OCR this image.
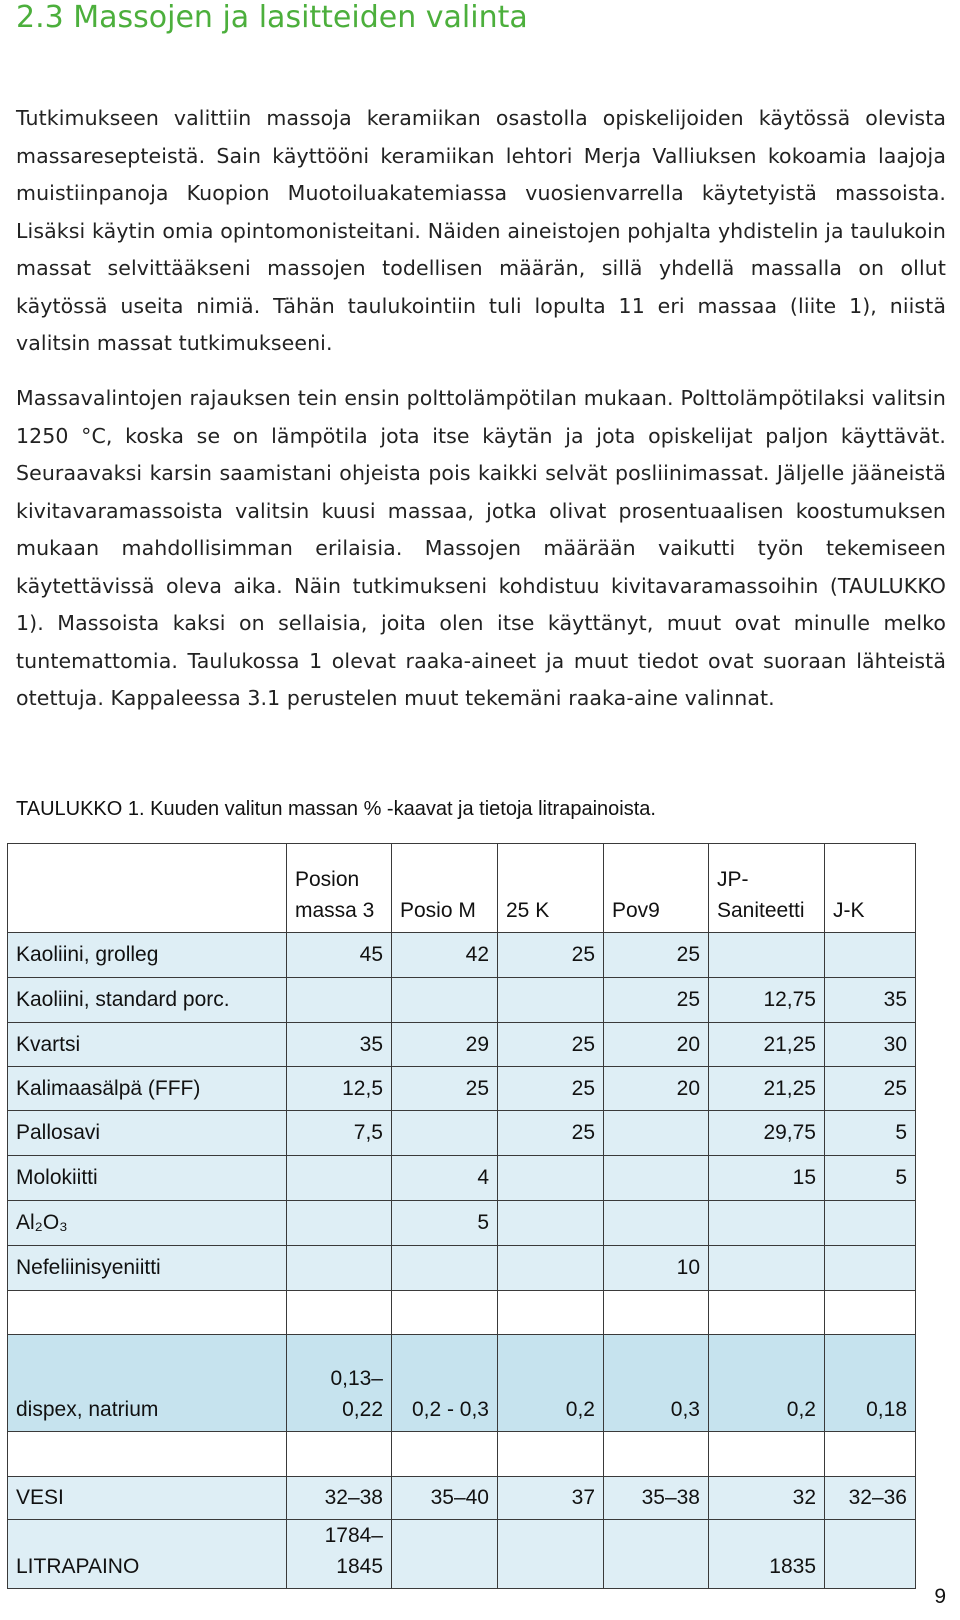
2.3 Massojen ja lasitteiden valinta

Tutkimukseen valittiin massoja keramiikan osastolla opiskelijoiden käytössä olevista massaresepteistä. Sain käyttööni keramiikan lehtori Merja Valliuksen kokoamia laajoja muistiinpanoja Kuopion Muotoiluakatemiassa vuosienvarrella käytetyistä massoista. Lisäksi käytin omia opintomonisteitani. Näiden aineistojen pohjalta yhdistelin ja taulukoin massat selvittääkseni massojen todellisen määrän, sillä yhdellä massalla on ollut käytössä useita nimiä. Tähän taulukointiin tuli lopulta 11 eri massaa (liite 1), niistä valitsin massat tutkimukseeni.

Massavalintojen rajauksen tein ensin polttolämpötilan mukaan. Polttolämpötilaksi valitsin 1250 °C, koska se on lämpötila jota itse käytän ja jota opiskelijat paljon käyttävät. Seuraavaksi karsin saamistani ohjeista pois kaikki selvät posliinimassat. Jäljelle jääneistä kivitavaramassoista valitsin kuusi massaa, jotka olivat prosentuaalisen koostumuksen mukaan mahdollisimman erilaisia. Massojen määrään vaikutti työn tekemiseen käytettävissä oleva aika. Näin tutkimukseni kohdistuu kivitavaramassoihin (TAULUKKO 1). Massoista kaksi on sellaisia, joita olen itse käyttänyt, muut ovat minulle melko tuntemattomia. Taulukossa 1 olevat raaka-aineet ja muut tiedot ovat suoraan lähteistä otettuja. Kappaleessa 3.1 perustelen muut tekemäni raaka-aine valinnat.

TAULUKKO 1. Kuuden valitun massan % -kaavat ja tietoja litrapainoista.

	Posion massa 3	Posio M	25 K	Pov9	JP-Saniteetti	J-K
Kaoliini, grolleg	45	42	25	25		
Kaoliini, standard porc.				25	12,75	35
Kvartsi	35	29	25	20	21,25	30
Kalimaasälpä (FFF)	12,5	25	25	20	21,25	25
Pallosavi	7,5		25		29,75	5
Molokiitti		4			15	5
Al₂O₃		5				
Nefeliinisyeniitti				10		

dispex, natrium	0,13–0,22	0,2 - 0,3	0,2	0,3	0,2	0,18

VESI	32–38	35–40	37	35–38	32	32–36
LITRAPAINO	1784–1845				1835	
9
